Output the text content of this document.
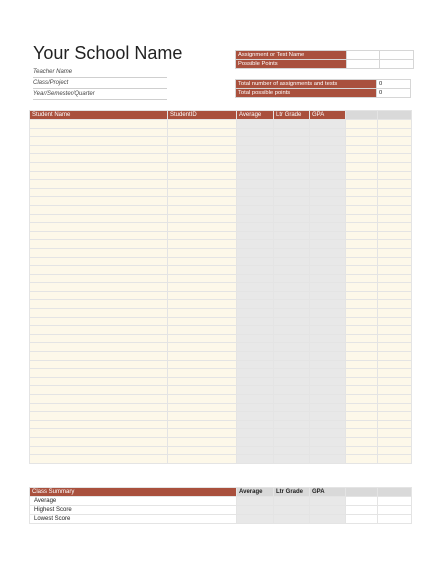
Your School Name
Teacher Name
Class/Project
Year/Semester/Quarter
Assignment or Test Name		
Possible Points		
Total number of assignments and tests	0
Total possible points	0
Student Name	StudentID	Average	Ltr Grade	GPA		

Class Summary	Average	Ltr Grade	GPA		
Average					
Highest Score					
Lowest Score					
